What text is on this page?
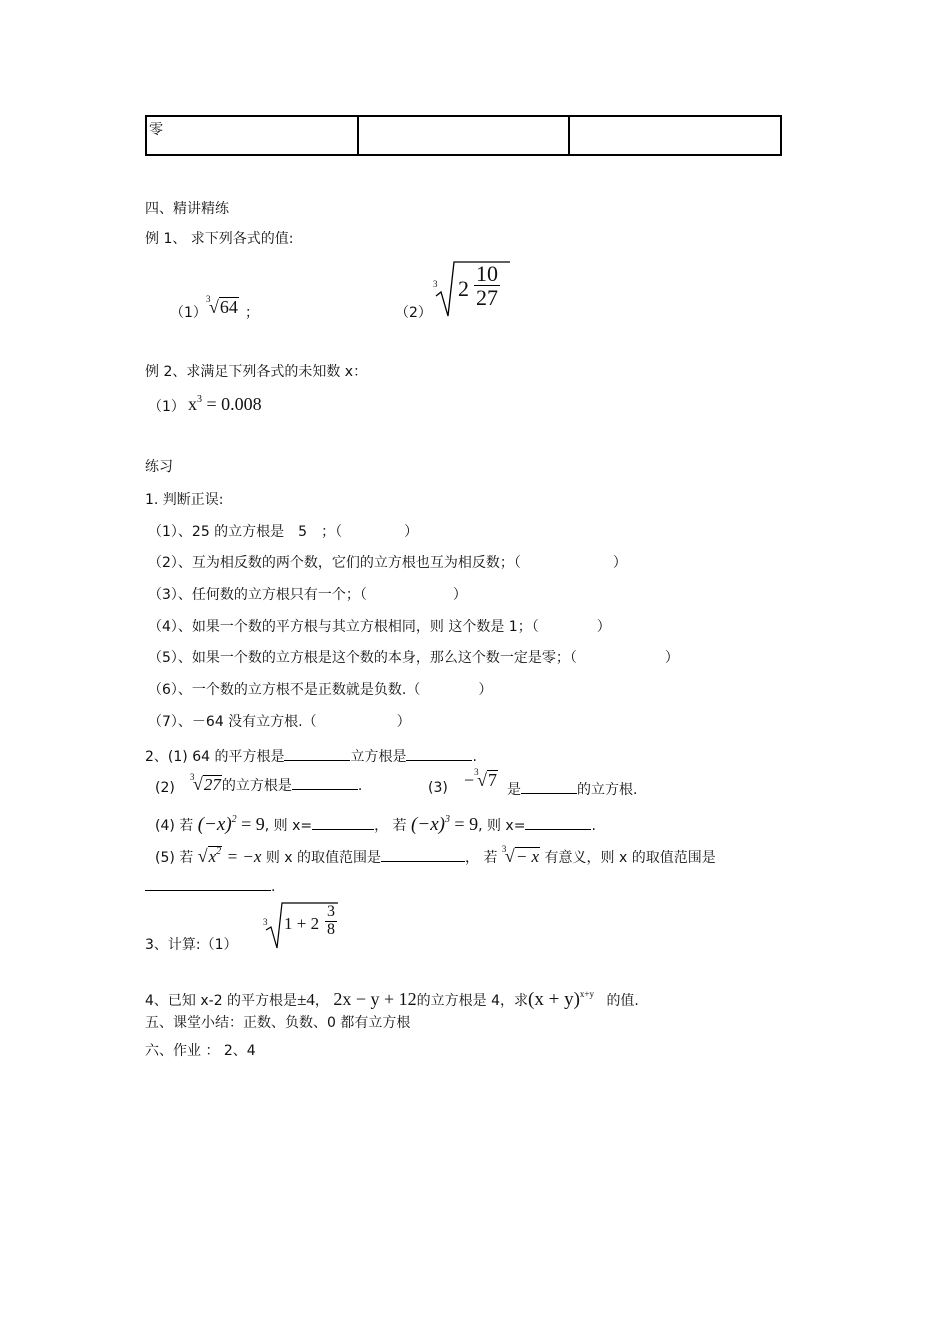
零		
四、精讲精练
例 1、 求下列各式的值:
（1）
3
√64 ；	（2）
3 $2 \frac{10}{27}$
例 2、求满足下列各式的未知数 x：
（1） $x^3 = 0.008$
练习
1. 判断正误:
（1）、25 的立方根是　5　；（	）
（2）、互为相反数的两个数，它们的立方根也互为相反数；（	）
（3）、任何数的立方根只有一个；（	）
（4）、如果一个数的平方根与其立方根相同，则 这个数是 1；（	）
（5）、如果一个数的立方根是这个数的本身，那么这个数一定是零；（	）
（6）、一个数的立方根不是正数就是负数.（	）
（7）、－64 没有立方根.（	）
2、(1) 64 的平方根是	立方根是	.
(2)
3
√27的立方根是	.	(3) − 3
√7 是	的立方根.
(4) 若 $(-x)^2 = 9$, 则 x=	， 若 $(-x)^3 = 9$, 则 x=	.
(5) 若 $√x^2 = -x$ 则 x 的取值范围是	， 若
3
√− x 有意义，则 x 的取值范围是
.
3、计算:（1）
3 $1 + 2 \frac{3}{8}$
4、已知 x-2 的平方根是±4， 2x − y + 12的立方根是 4，求$(x + y)^{x+y}$ 的值.
五、课堂小结：正数、负数、0 都有立方根
六、作业 ： 2、4
